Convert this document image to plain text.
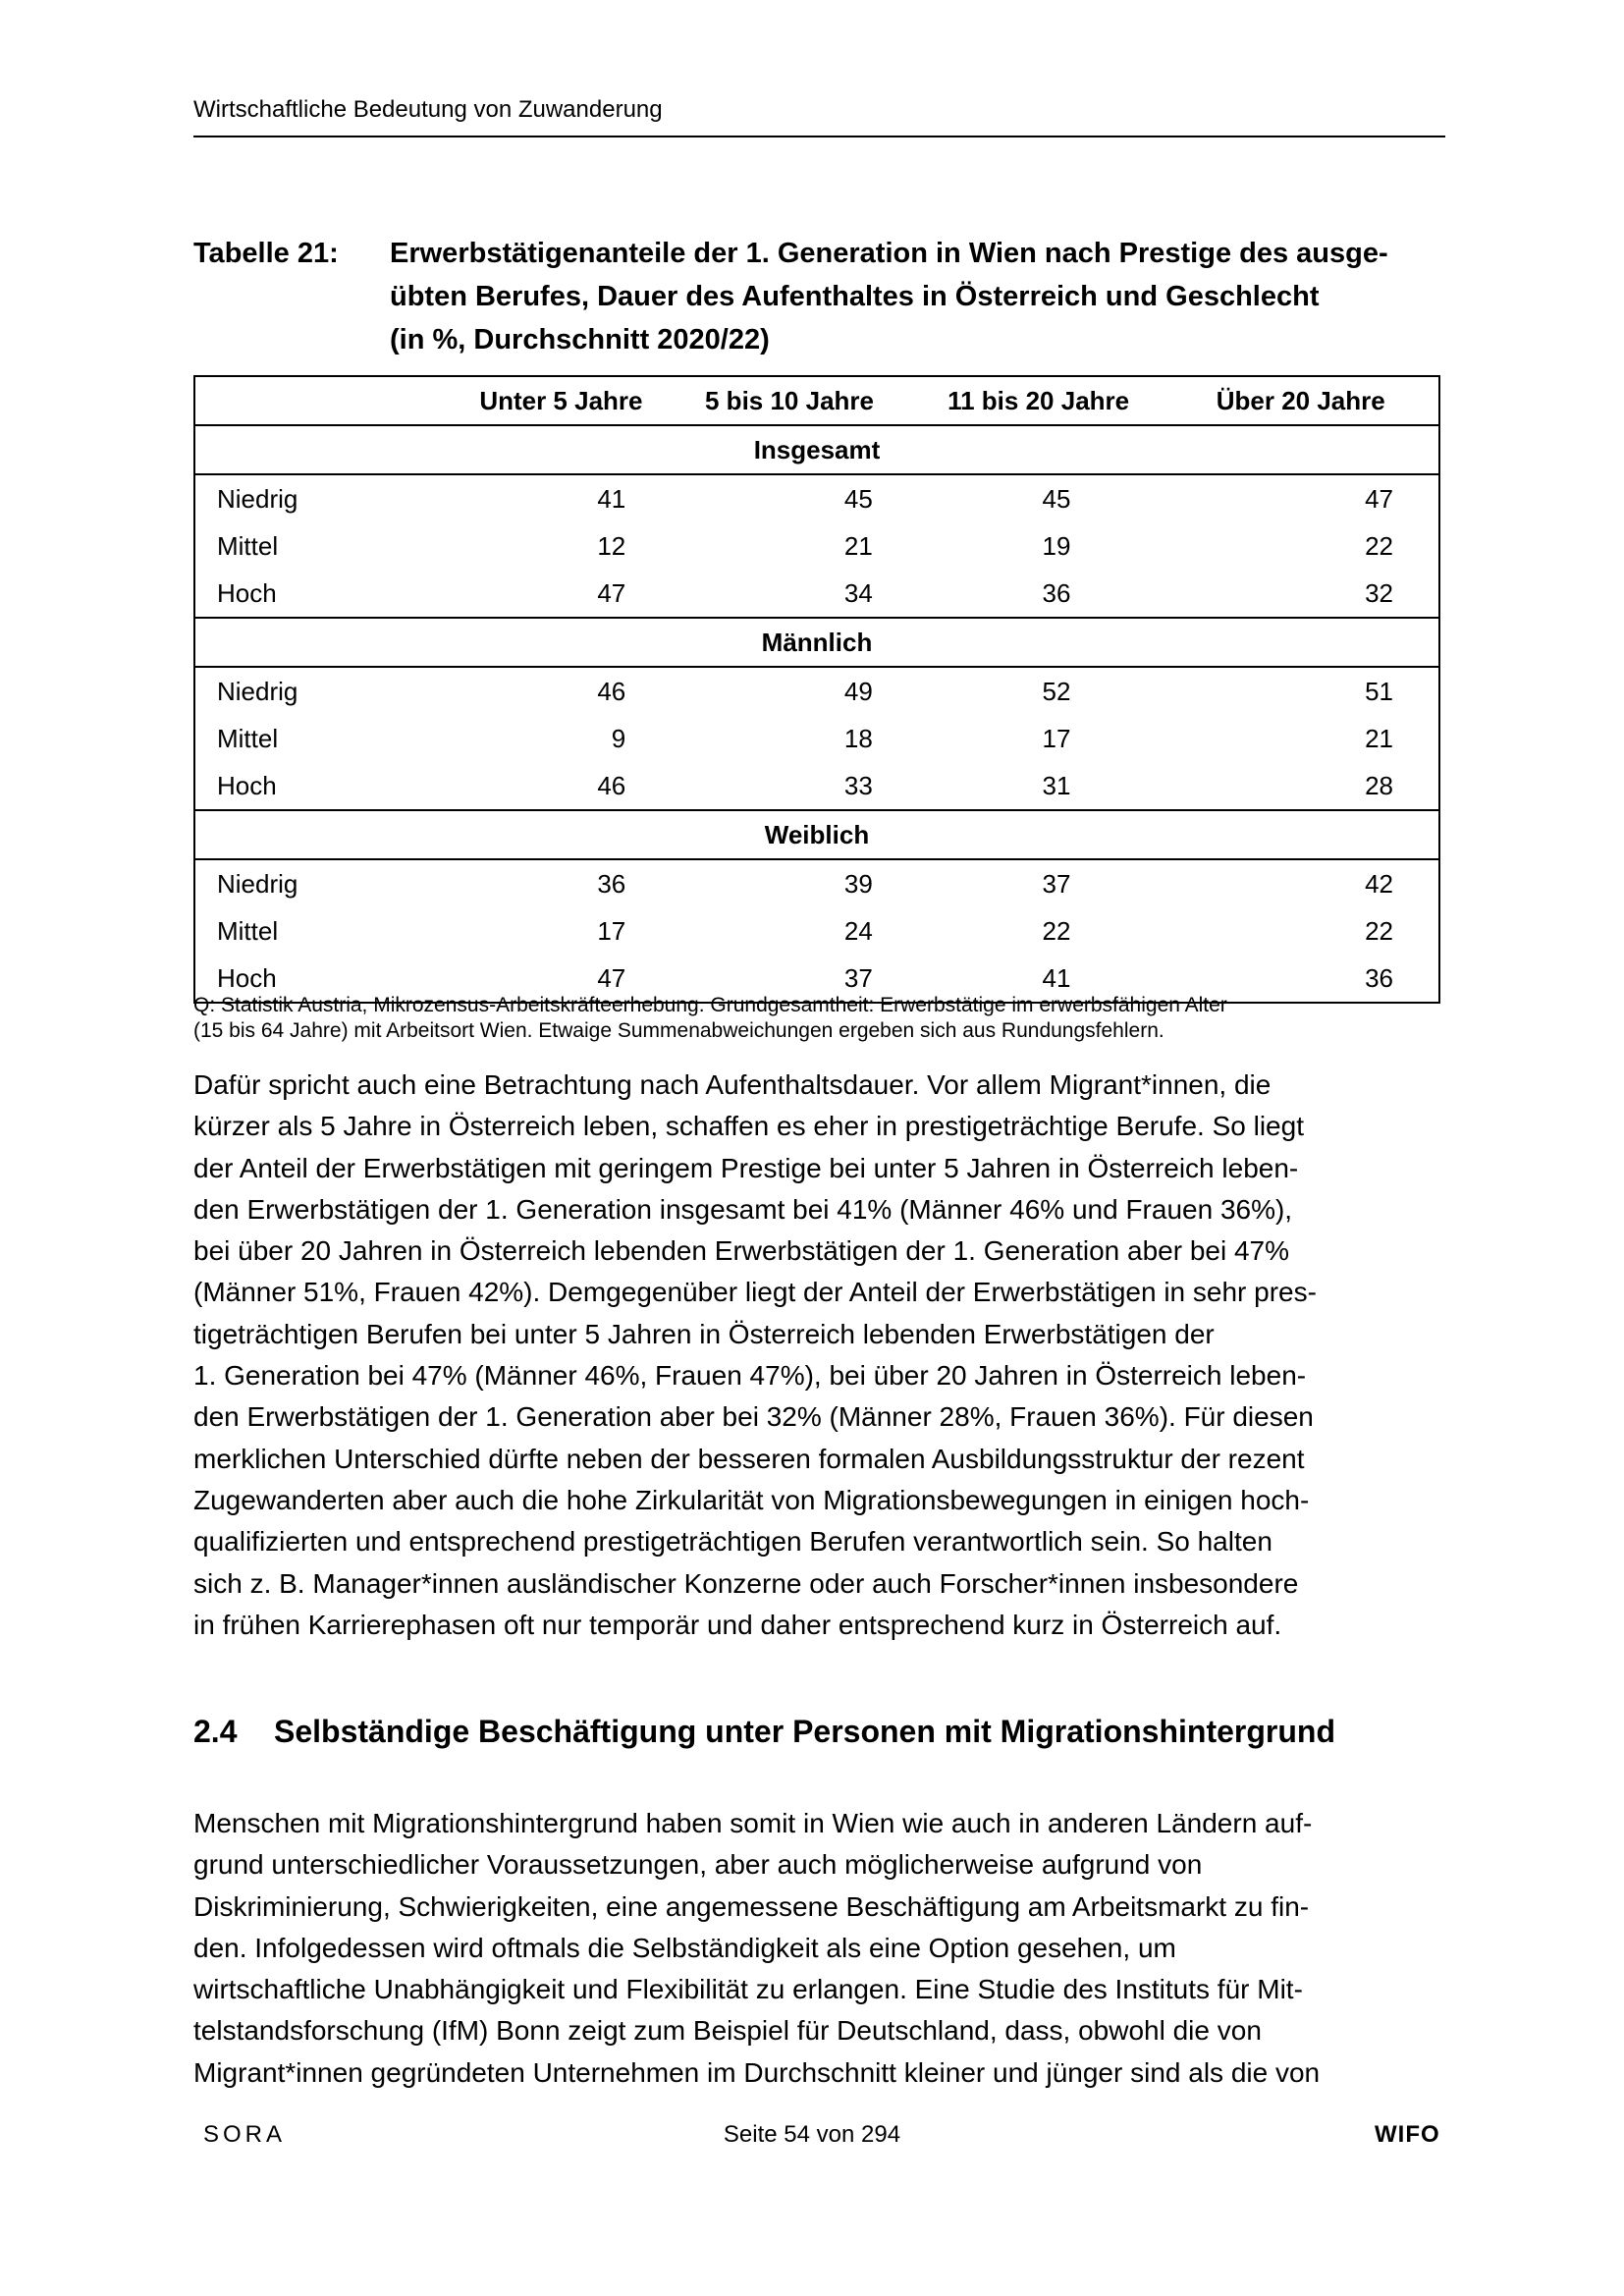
Wirtschaftliche Bedeutung von Zuwanderung
Tabelle 21: Erwerbstätigenanteile der 1. Generation in Wien nach Prestige des ausge-
übten Berufes, Dauer des Aufenthaltes in Österreich und Geschlecht
(in %, Durchschnitt 2020/22)
	Unter 5 Jahre	5 bis 10 Jahre	11 bis 20 Jahre	Über 20 Jahre
Insgesamt				
Niedrig	41	45	45	47
Mittel	12	21	19	22
Hoch	47	34	36	32
Männlich				
Niedrig	46	49	52	51
Mittel	9	18	17	21
Hoch	46	33	31	28
Weiblich				
Niedrig	36	39	37	42
Mittel	17	24	22	22
Hoch	47	37	41	36
Q: Statistik Austria, Mikrozensus-Arbeitskräfteerhebung. Grundgesamtheit: Erwerbstätige im erwerbsfähigen Alter
(15 bis 64 Jahre) mit Arbeitsort Wien. Etwaige Summenabweichungen ergeben sich aus Rundungsfehlern.
Dafür spricht auch eine Betrachtung nach Aufenthaltsdauer. Vor allem Migrant*innen, die
kürzer als 5 Jahre in Österreich leben, schaffen es eher in prestigeträchtige Berufe. So liegt
der Anteil der Erwerbstätigen mit geringem Prestige bei unter 5 Jahren in Österreich leben-
den Erwerbstätigen der 1. Generation insgesamt bei 41% (Männer 46% und Frauen 36%),
bei über 20 Jahren in Österreich lebenden Erwerbstätigen der 1. Generation aber bei 47%
(Männer 51%, Frauen 42%). Demgegenüber liegt der Anteil der Erwerbstätigen in sehr pres-
tigeträchtigen Berufen bei unter 5 Jahren in Österreich lebenden Erwerbstätigen der
1. Generation bei 47% (Männer 46%, Frauen 47%), bei über 20 Jahren in Österreich leben-
den Erwerbstätigen der 1. Generation aber bei 32% (Männer 28%, Frauen 36%). Für diesen
merklichen Unterschied dürfte neben der besseren formalen Ausbildungsstruktur der rezent
Zugewanderten aber auch die hohe Zirkularität von Migrationsbewegungen in einigen hoch-
qualifizierten und entsprechend prestigeträchtigen Berufen verantwortlich sein. So halten
sich z. B. Manager*innen ausländischer Konzerne oder auch Forscher*innen insbesondere
in frühen Karrierephasen oft nur temporär und daher entsprechend kurz in Österreich auf.
2.4 Selbständige Beschäftigung unter Personen mit Migrationshintergrund
Menschen mit Migrationshintergrund haben somit in Wien wie auch in anderen Ländern auf-
grund unterschiedlicher Voraussetzungen, aber auch möglicherweise aufgrund von
Diskriminierung, Schwierigkeiten, eine angemessene Beschäftigung am Arbeitsmarkt zu fin-
den. Infolgedessen wird oftmals die Selbständigkeit als eine Option gesehen, um
wirtschaftliche Unabhängigkeit und Flexibilität zu erlangen. Eine Studie des Instituts für Mit-
telstandsforschung (IfM) Bonn zeigt zum Beispiel für Deutschland, dass, obwohl die von
Migrant*innen gegründeten Unternehmen im Durchschnitt kleiner und jünger sind als die von
SORA	Seite 54 von 294	WIFO
